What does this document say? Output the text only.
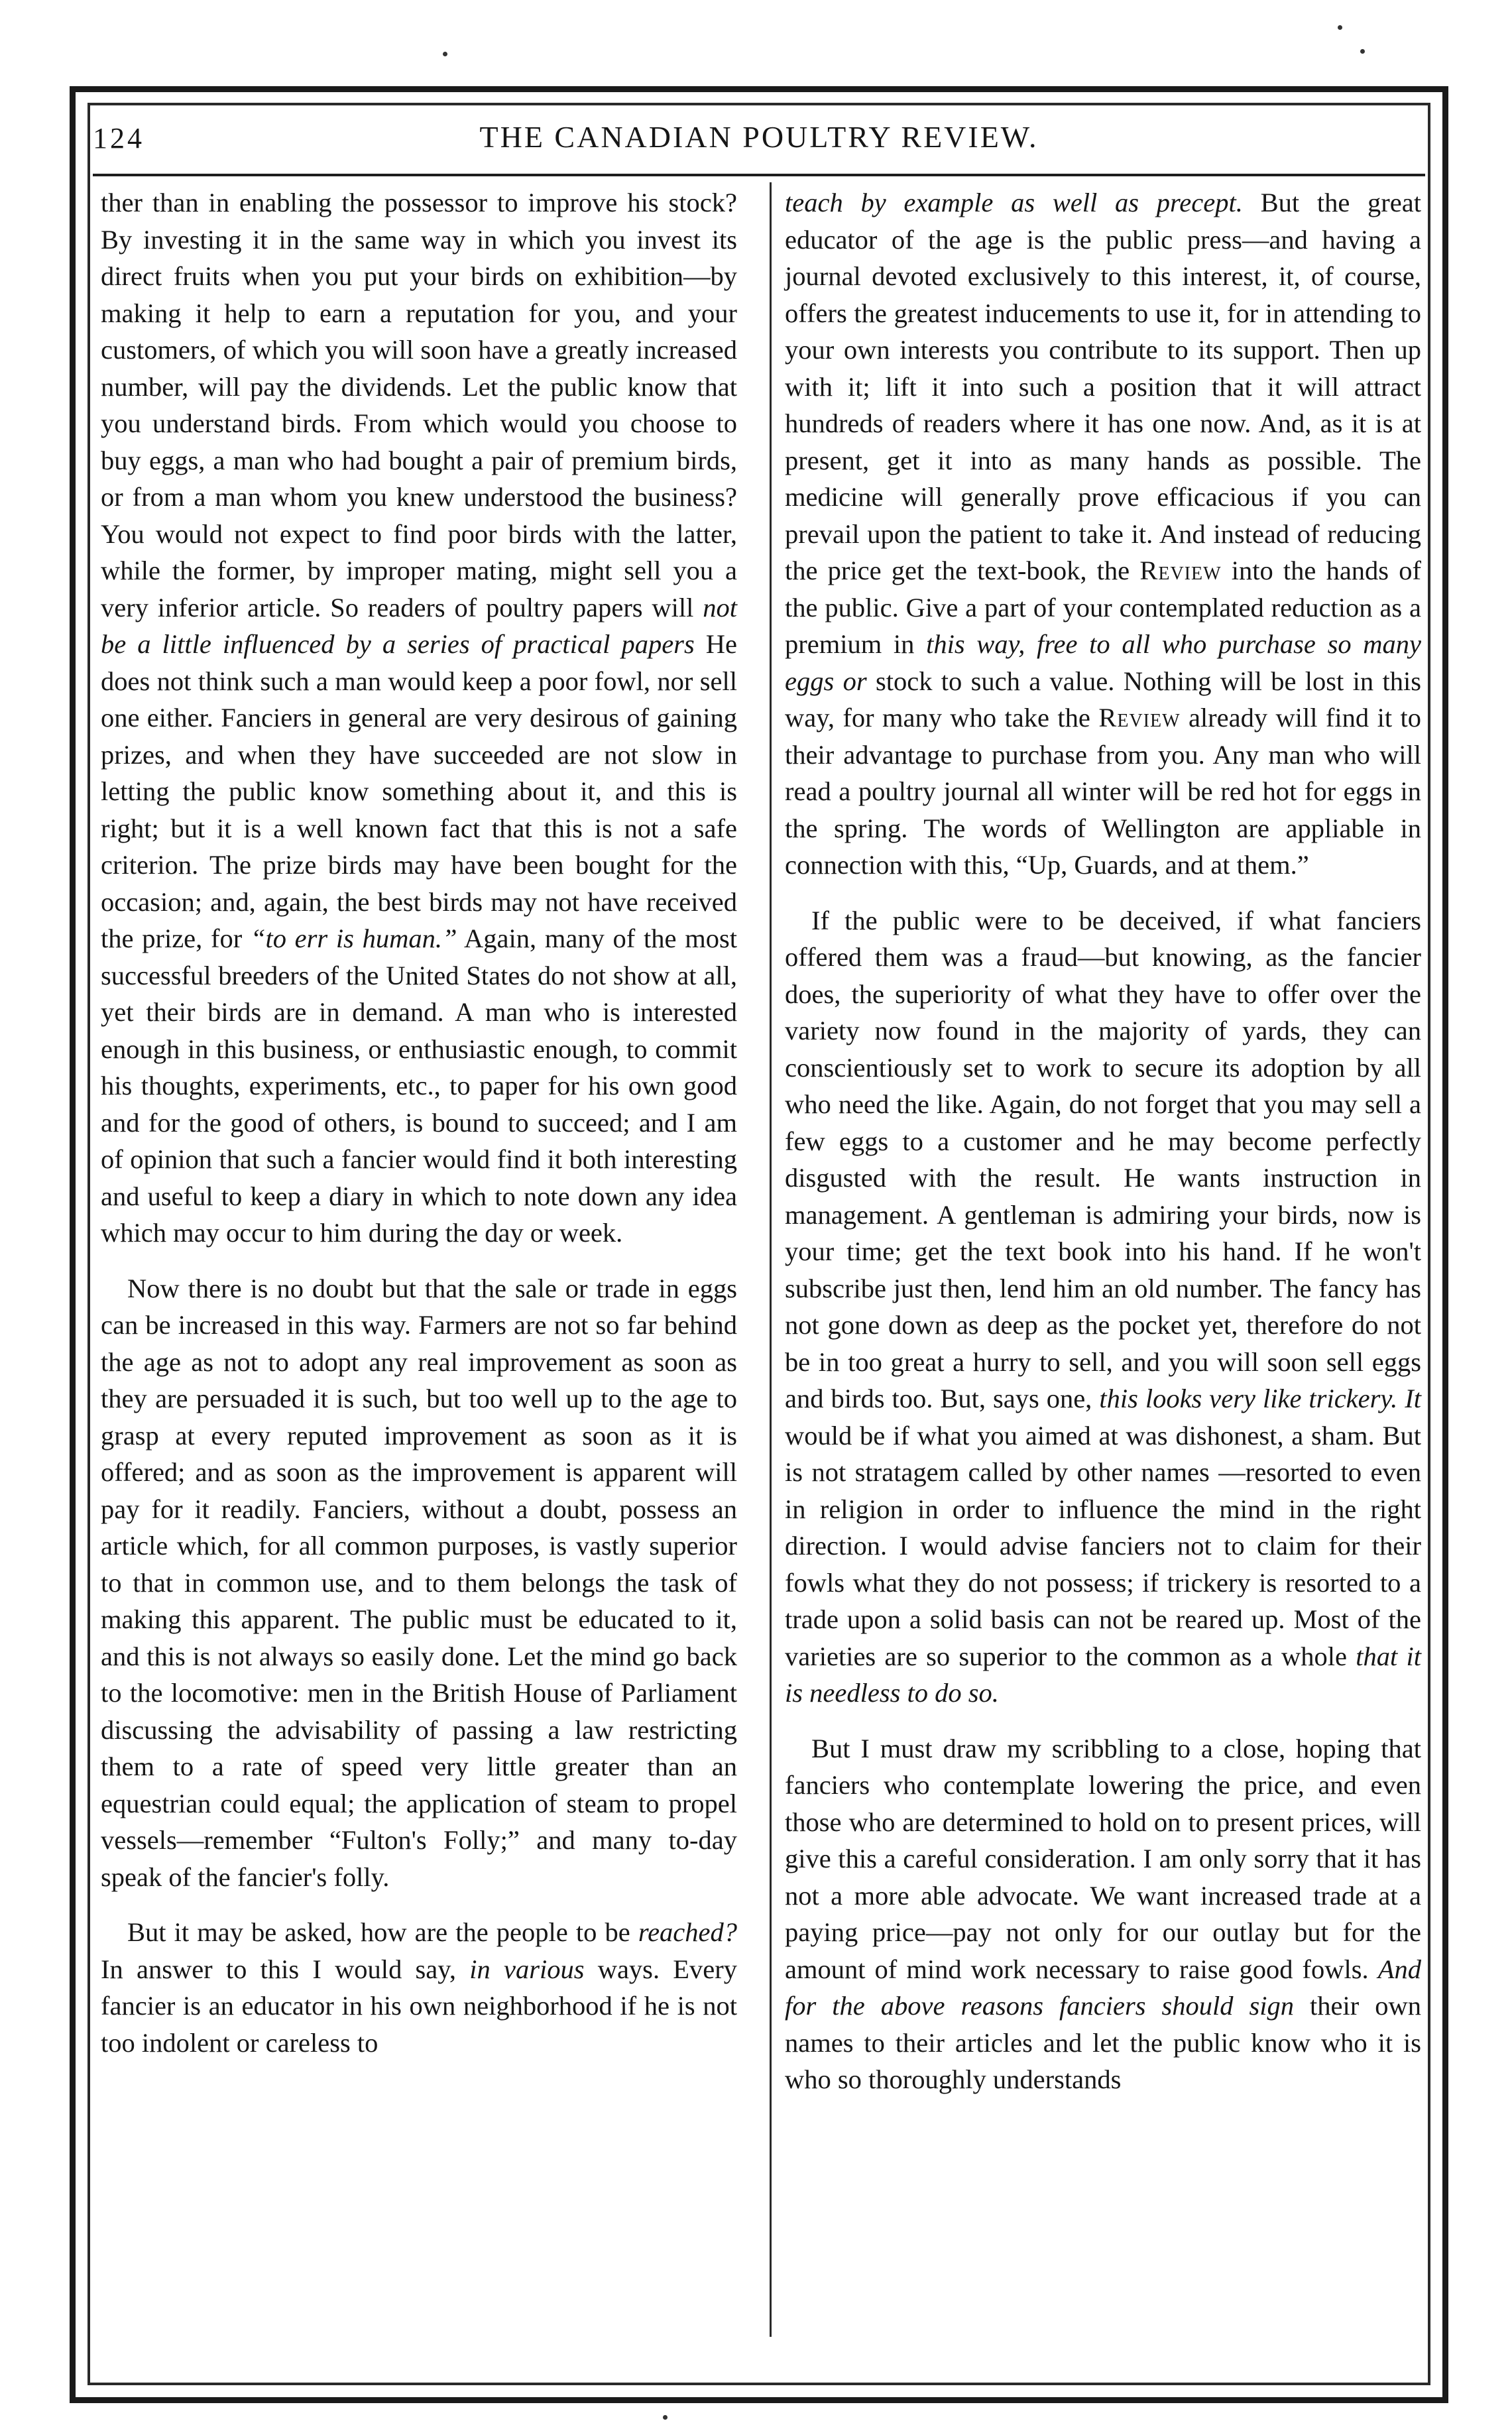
124	THE CANADIAN POULTRY REVIEW.

ther than in enabling the possessor to improve his stock? By investing it in the same way in which you invest its direct fruits when you put your birds on exhibition—by making it help to earn a reputation for you, and your customers, of which you will soon have a greatly increased number, will pay the dividends. Let the public know that you understand birds. From which would you choose to buy eggs, a man who had bought a pair of premium birds, or from a man whom you knew understood the business? You would not expect to find poor birds with the latter, while the former, by improper mating, might sell you a very inferior article. So readers of poultry papers will not be a little influenced by a series of practical papers He does not think such a man would keep a poor fowl, nor sell one either. Fanciers in general are very desirous of gaining prizes, and when they have succeeded are not slow in letting the public know something about it, and this is right; but it is a well known fact that this is not a safe criterion. The prize birds may have been bought for the occasion; and, again, the best birds may not have received the prize, for “to err is human.” Again, many of the most successful breeders of the United States do not show at all, yet their birds are in demand. A man who is interested enough in this business, or enthusiastic enough, to commit his thoughts, experiments, etc., to paper for his own good and for the good of others, is bound to succeed; and I am of opinion that such a fancier would find it both interesting and useful to keep a diary in which to note down any idea which may occur to him during the day or week.

Now there is no doubt but that the sale or trade in eggs can be increased in this way. Farmers are not so far behind the age as not to adopt any real improvement as soon as they are persuaded it is such, but too well up to the age to grasp at every reputed improvement as soon as it is offered; and as soon as the improvement is apparent will pay for it readily. Fanciers, without a doubt, possess an article which, for all common purposes, is vastly superior to that in common use, and to them belongs the task of making this apparent. The public must be educated to it, and this is not always so easily done. Let the mind go back to the locomotive: men in the British House of Parliament discussing the advisability of passing a law restricting them to a rate of speed very little greater than an equestrian could equal; the application of steam to propel vessels—remember “Fulton's Folly;” and many to-day speak of the fancier's folly.

But it may be asked, how are the people to be reached? In answer to this I would say, in various ways. Every fancier is an educator in his own neighborhood if he is not too indolent or careless to

teach by example as well as precept. But the great educator of the age is the public press—and having a journal devoted exclusively to this interest, it, of course, offers the greatest inducements to use it, for in attending to your own interests you contribute to its support. Then up with it; lift it into such a position that it will attract hundreds of readers where it has one now. And, as it is at present, get it into as many hands as possible. The medicine will generally prove efficacious if you can prevail upon the patient to take it. And instead of reducing the price get the text-book, the Review into the hands of the public. Give a part of your contemplated reduction as a premium in this way, free to all who purchase so many eggs or stock to such a value. Nothing will be lost in this way, for many who take the Review already will find it to their advantage to purchase from you. Any man who will read a poultry journal all winter will be red hot for eggs in the spring. The words of Wellington are appliable in connection with this, “Up, Guards, and at them.”

If the public were to be deceived, if what fanciers offered them was a fraud—but knowing, as the fancier does, the superiority of what they have to offer over the variety now found in the majority of yards, they can conscientiously set to work to secure its adoption by all who need the like. Again, do not forget that you may sell a few eggs to a customer and he may become perfectly disgusted with the result. He wants instruction in management. A gentleman is admiring your birds, now is your time; get the text book into his hand. If he won't subscribe just then, lend him an old number. The fancy has not gone down as deep as the pocket yet, therefore do not be in too great a hurry to sell, and you will soon sell eggs and birds too. But, says one, this looks very like trickery. It would be if what you aimed at was dishonest, a sham. But is not stratagem called by other names —resorted to even in religion in order to influence the mind in the right direction. I would advise fanciers not to claim for their fowls what they do not possess; if trickery is resorted to a trade upon a solid basis can not be reared up. Most of the varieties are so superior to the common as a whole that it is needless to do so.

But I must draw my scribbling to a close, hoping that fanciers who contemplate lowering the price, and even those who are determined to hold on to present prices, will give this a careful consideration. I am only sorry that it has not a more able advocate. We want increased trade at a paying price—pay not only for our outlay but for the amount of mind work necessary to raise good fowls. And for the above reasons fanciers should sign their own names to their articles and let the public know who it is who so thoroughly understands
